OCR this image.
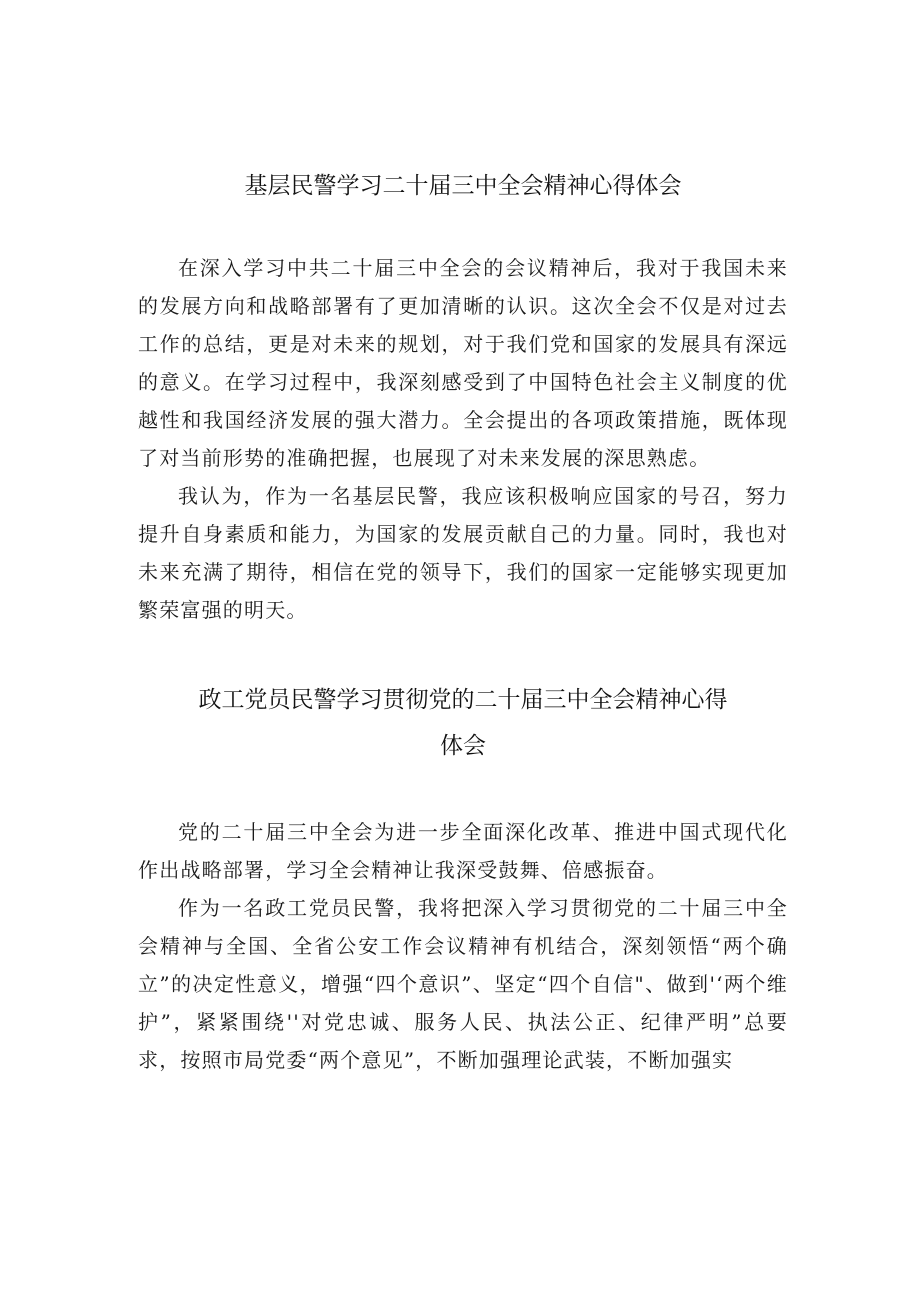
基层民警学习二十届三中全会精神心得体会

在深入学习中共二十届三中全会的会议精神后，我对于我国未来的发展方向和战略部署有了更加清晰的认识。这次全会不仅是对过去工作的总结，更是对未来的规划，对于我们党和国家的发展具有深远的意义。在学习过程中，我深刻感受到了中国特色社会主义制度的优越性和我国经济发展的强大潜力。全会提出的各项政策措施，既体现了对当前形势的准确把握，也展现了对未来发展的深思熟虑。

我认为，作为一名基层民警，我应该积极响应国家的号召，努力提升自身素质和能力，为国家的发展贡献自己的力量。同时，我也对未来充满了期待，相信在党的领导下，我们的国家一定能够实现更加繁荣富强的明天。

政工党员民警学习贯彻党的二十届三中全会精神心得
体会

党的二十届三中全会为进一步全面深化改革、推进中国式现代化作出战略部署，学习全会精神让我深受鼓舞、倍感振奋。

作为一名政工党员民警，我将把深入学习贯彻党的二十届三中全会精神与全国、全省公安工作会议精神有机结合，深刻领悟“两个确立”的决定性意义，增强“四个意识”、坚定“四个自信"、做到'‘两个维护”，紧紧围绕''对党忠诚、服务人民、执法公正、纪律严明”总要求，按照市局党委“两个意见”，不断加强理论武装，不断加强实
